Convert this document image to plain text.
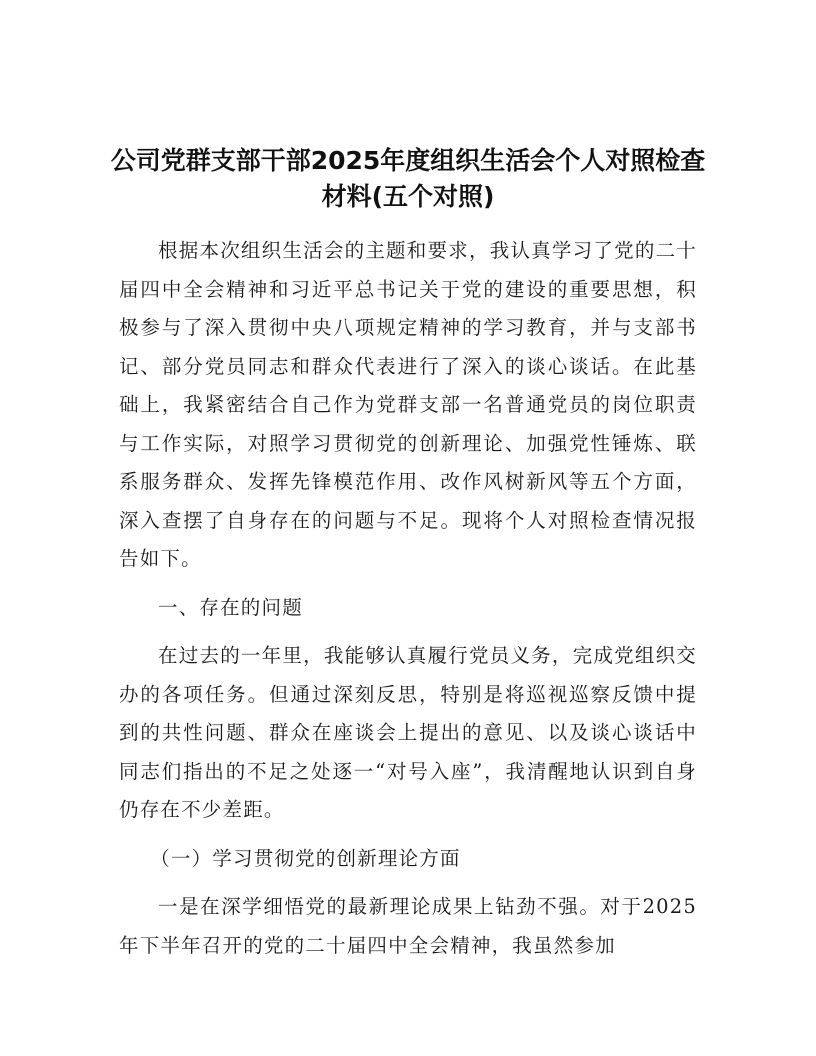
公司党群支部干部2025年度组织生活会个人对照检查材料(五个对照)

根据本次组织生活会的主题和要求，我认真学习了党的二十届四中全会精神和习近平总书记关于党的建设的重要思想，积极参与了深入贯彻中央八项规定精神的学习教育，并与支部书记、部分党员同志和群众代表进行了深入的谈心谈话。在此基础上，我紧密结合自己作为党群支部一名普通党员的岗位职责与工作实际，对照学习贯彻党的创新理论、加强党性锤炼、联系服务群众、发挥先锋模范作用、改作风树新风等五个方面，深入查摆了自身存在的问题与不足。现将个人对照检查情况报告如下。

一、存在的问题

在过去的一年里，我能够认真履行党员义务，完成党组织交办的各项任务。但通过深刻反思，特别是将巡视巡察反馈中提到的共性问题、群众在座谈会上提出的意见、以及谈心谈话中同志们指出的不足之处逐一“对号入座”，我清醒地认识到自身仍存在不少差距。

（一）学习贯彻党的创新理论方面

一是在深学细悟党的最新理论成果上钻劲不强。对于2025 年下半年召开的党的二十届四中全会精神，我虽然参加
